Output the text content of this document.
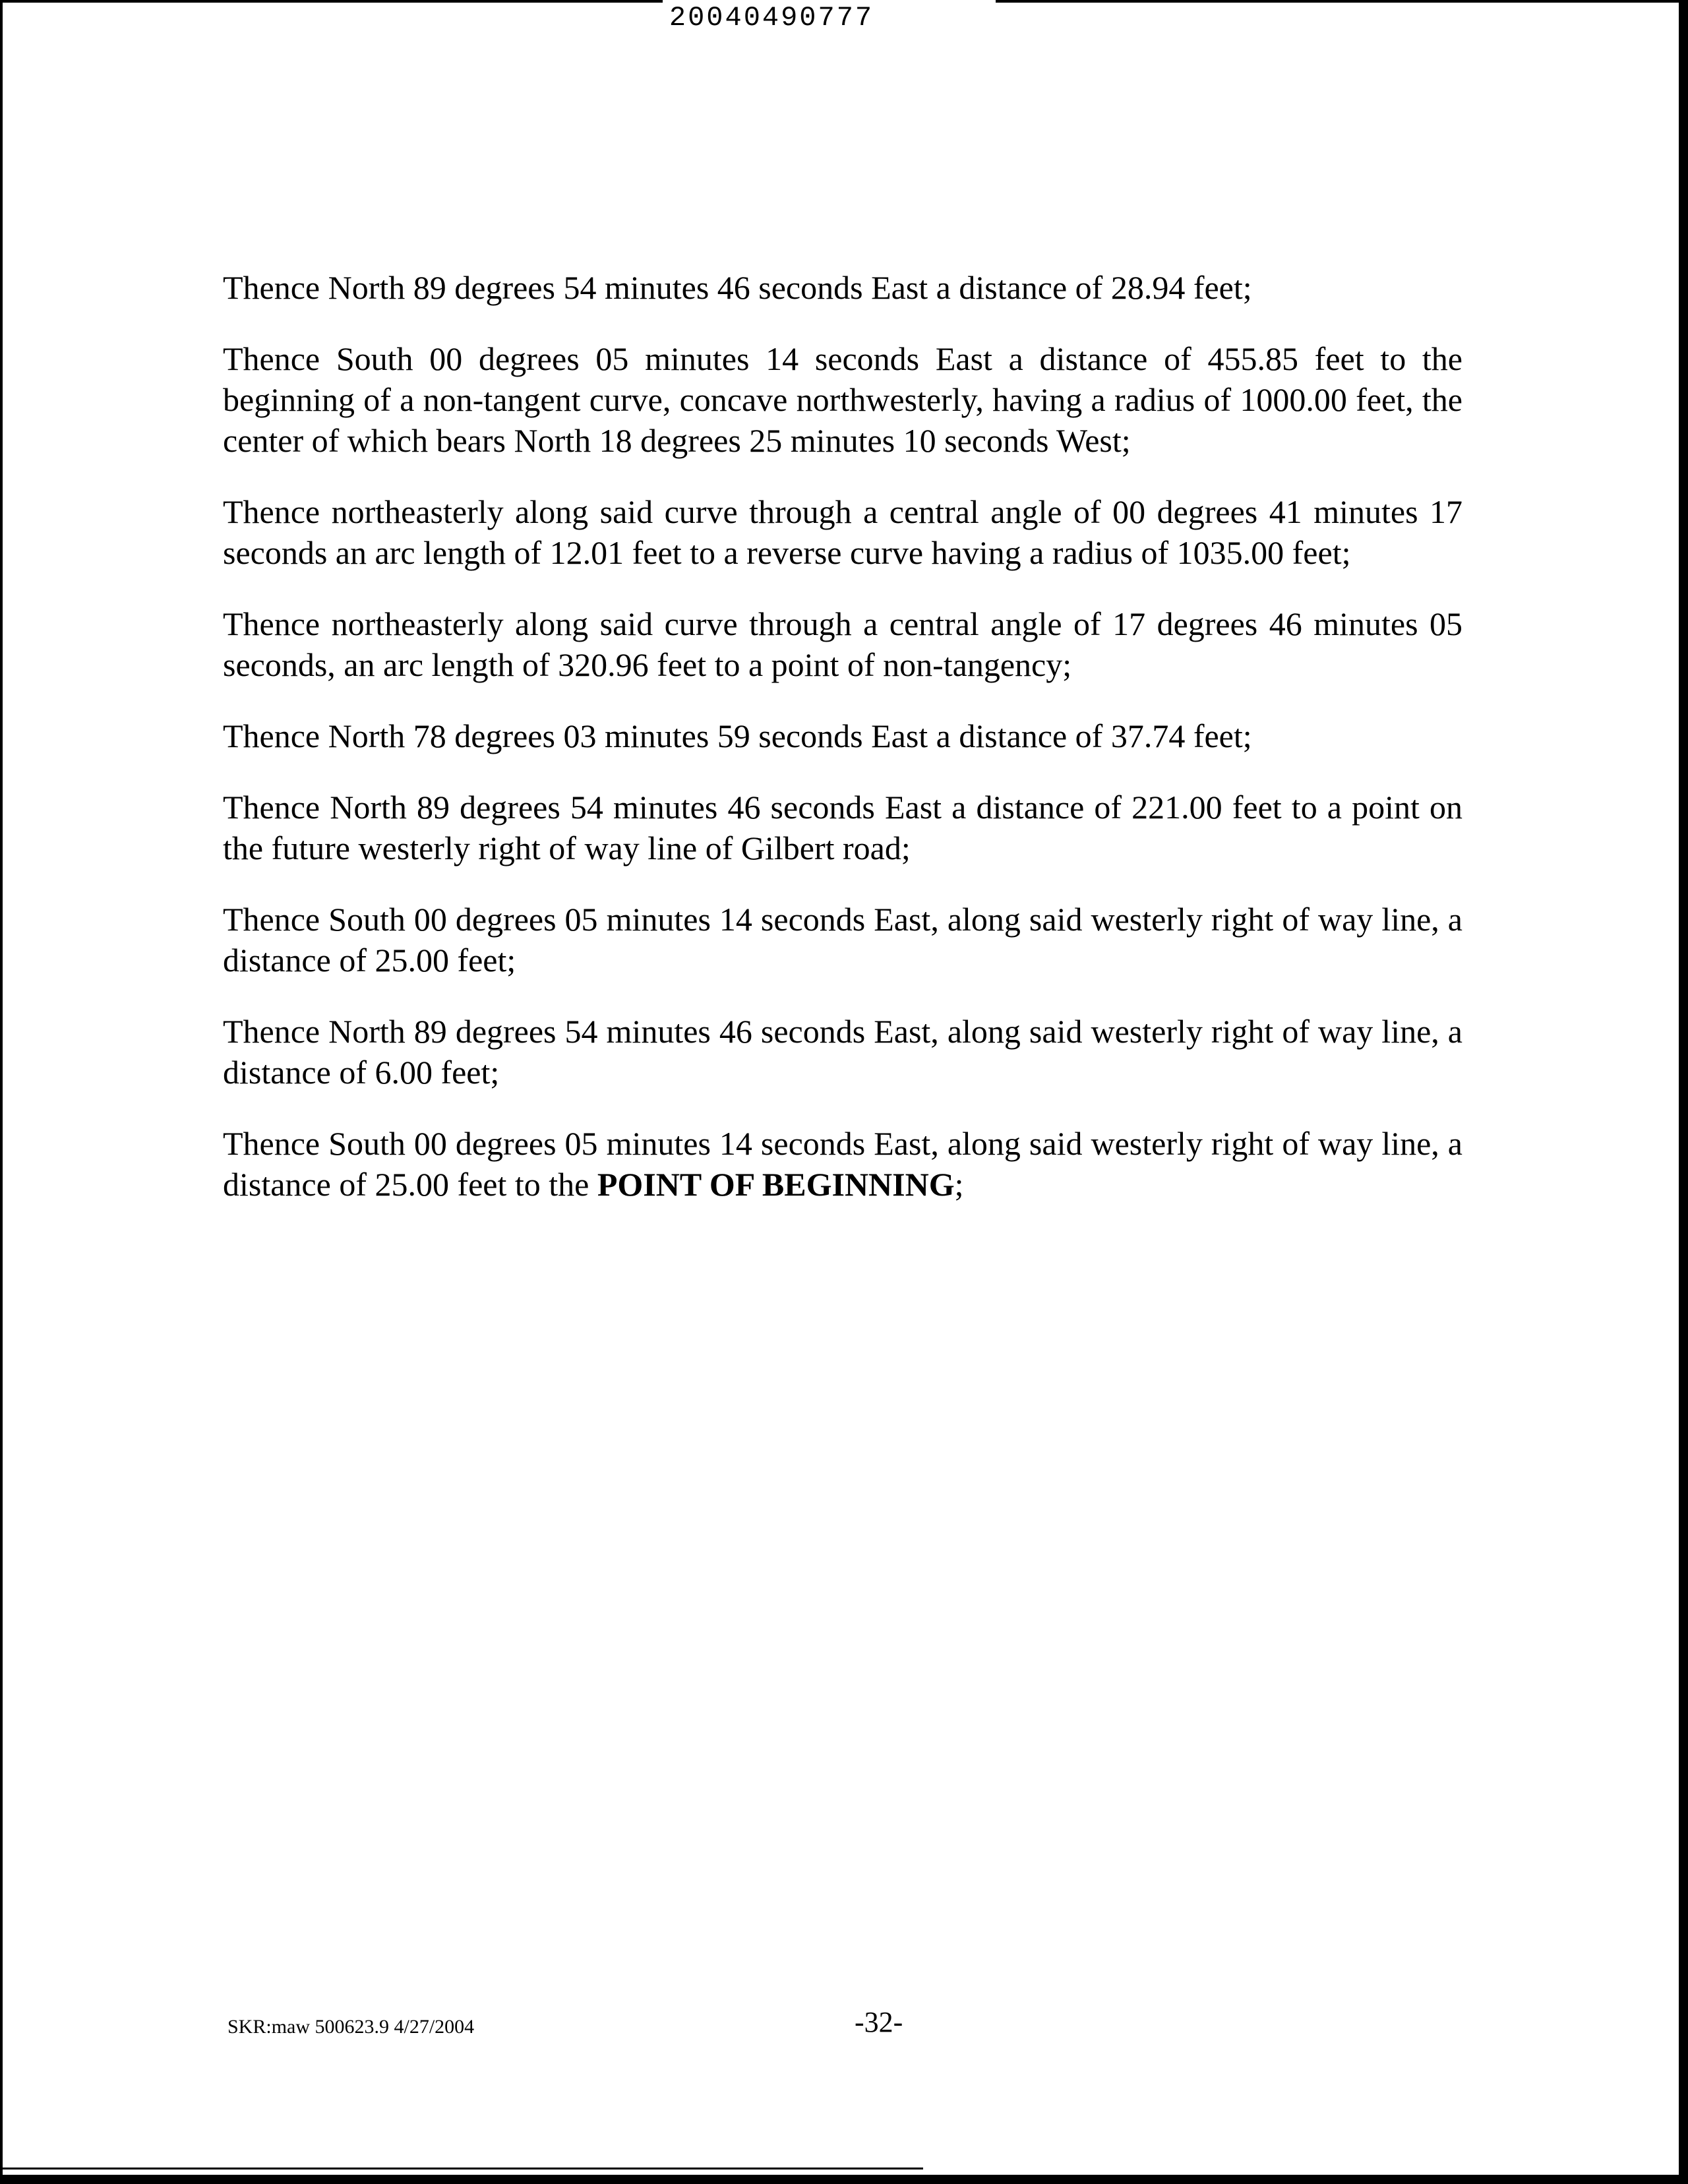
20040490777

Thence North 89 degrees 54 minutes 46 seconds East a distance of 28.94 feet;

Thence South 00 degrees 05 minutes 14 seconds East a distance of 455.85 feet to the beginning of a non-tangent curve, concave northwesterly, having a radius of 1000.00 feet, the center of which bears North 18 degrees 25 minutes 10 seconds West;

Thence northeasterly along said curve through a central angle of 00 degrees 41 minutes 17 seconds an arc length of 12.01 feet to a reverse curve having a radius of 1035.00 feet;

Thence northeasterly along said curve through a central angle of 17 degrees 46 minutes 05 seconds, an arc length of 320.96 feet to a point of non-tangency;

Thence North 78 degrees 03 minutes 59 seconds East a distance of 37.74 feet;

Thence North 89 degrees 54 minutes 46 seconds East a distance of 221.00 feet to a point on the future westerly right of way line of Gilbert road;

Thence South 00 degrees 05 minutes 14 seconds East, along said westerly right of way line, a distance of 25.00 feet;

Thence North 89 degrees 54 minutes 46 seconds East, along said westerly right of way line, a distance of 6.00 feet;

Thence South 00 degrees 05 minutes 14 seconds East, along said westerly right of way line, a distance of 25.00 feet to the POINT OF BEGINNING;

SKR:maw 500623.9 4/27/2004	-32-
